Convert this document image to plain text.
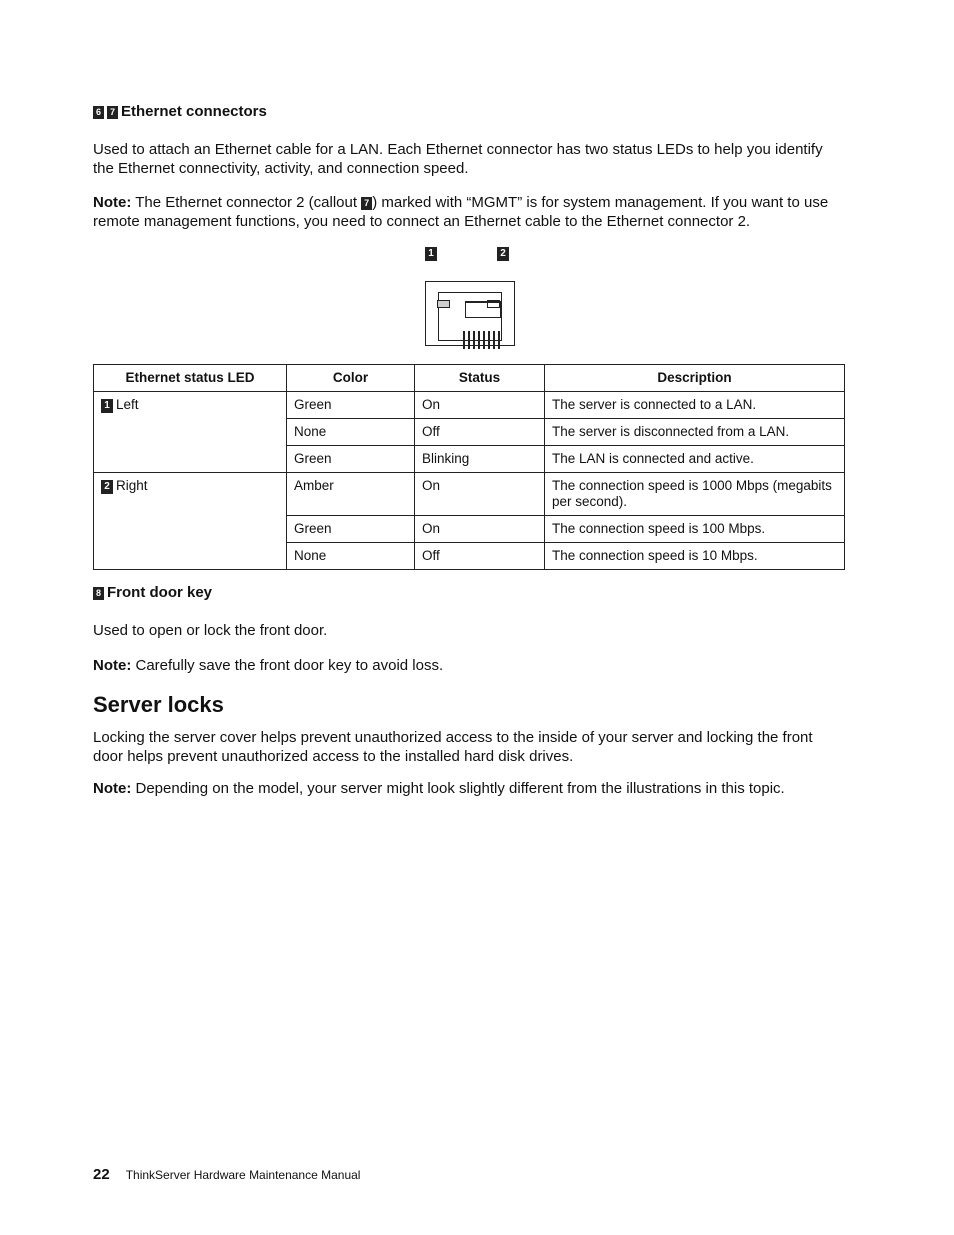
6 7 Ethernet connectors

Used to attach an Ethernet cable for a LAN. Each Ethernet connector has two status LEDs to help you identify the Ethernet connectivity, activity, and connection speed.

Note: The Ethernet connector 2 (callout 7 ) marked with “MGMT” is for system management. If you want to use remote management functions, you need to connect an Ethernet cable to the Ethernet connector 2.

1	2
Ethernet status LED	Color	Status	Description
1 Left	Green	On	The server is connected to a LAN.
	None	Off	The server is disconnected from a LAN.
	Green	Blinking	The LAN is connected and active.
2 Right	Amber	On	The connection speed is 1000 Mbps (megabits per second).
	Green	On	The connection speed is 100 Mbps.
	None	Off	The connection speed is 10 Mbps.
8 Front door key

Used to open or lock the front door.

Note: Carefully save the front door key to avoid loss.

Server locks

Locking the server cover helps prevent unauthorized access to the inside of your server and locking the front door helps prevent unauthorized access to the installed hard disk drives.

Note: Depending on the model, your server might look slightly different from the illustrations in this topic.

22 ThinkServer Hardware Maintenance Manual
